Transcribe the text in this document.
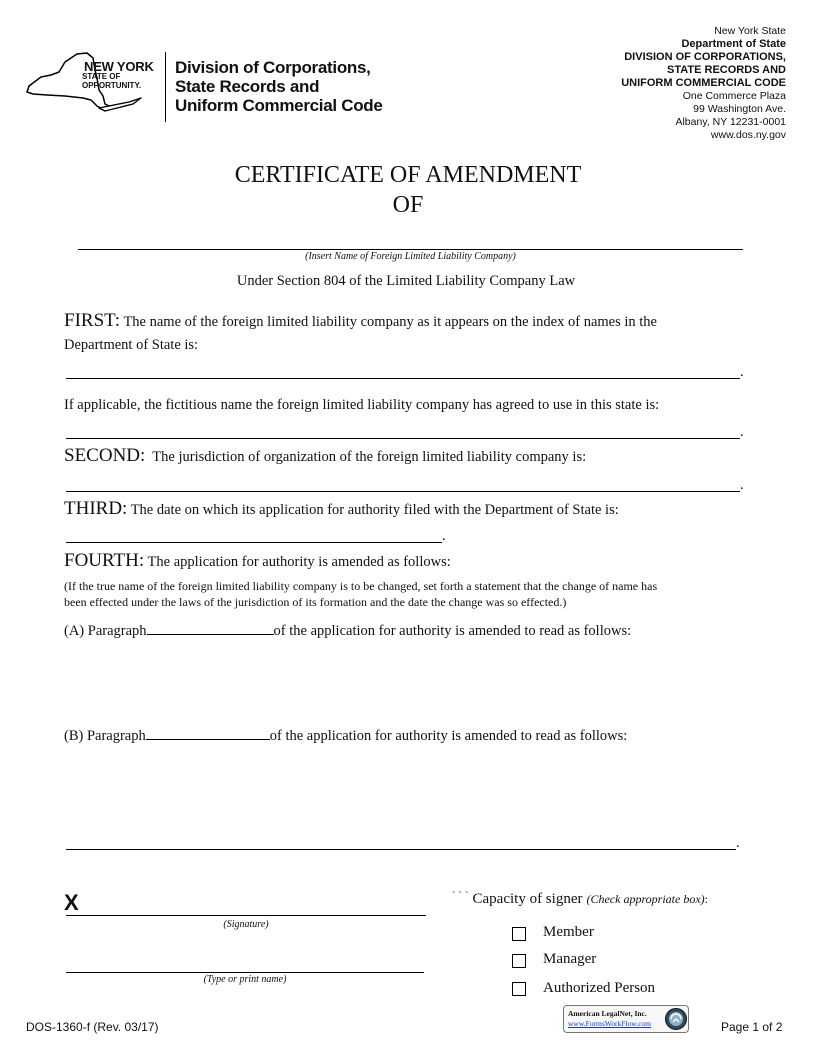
NEW YORK
STATE OF
OPPORTUNITY.
Division of Corporations,
State Records and
Uniform Commercial Code
New York State
Department of State
DIVISION OF CORPORATIONS,
STATE RECORDS AND
UNIFORM COMMERCIAL CODE
One Commerce Plaza
99 Washington Ave.
Albany, NY 12231-0001
www.dos.ny.gov
CERTIFICATE OF AMENDMENT
OF
(Insert Name of Foreign Limited Liability Company)
Under Section 804 of the Limited Liability Company Law
FIRST: The name of the foreign limited liability company as it appears on the index of names in the
Department of State is:
.
If applicable, the fictitious name the foreign limited liability company has agreed to use in this state is:
.
SECOND: The jurisdiction of organization of the foreign limited liability company is:
.
THIRD: The date on which its application for authority filed with the Department of State is:
.
FOURTH: The application for authority is amended as follows:
(If the true name of the foreign limited liability company is to be changed, set forth a statement that the change of name has
been effected under the laws of the jurisdiction of its formation and the date the change was so effected.)
(A) Paragraph	of the application for authority is amended to read as follows:
(B) Paragraph	of the application for authority is amended to read as follows:
.
X
(Signature)
(Type or print name)
` ` ` Capacity of signer (Check appropriate box):
Member
Manager
Authorized Person
DOS-1360-f (Rev. 03/17)
American LegalNet, Inc.
www.FormsWorkFlow.com	Page 1 of 2
